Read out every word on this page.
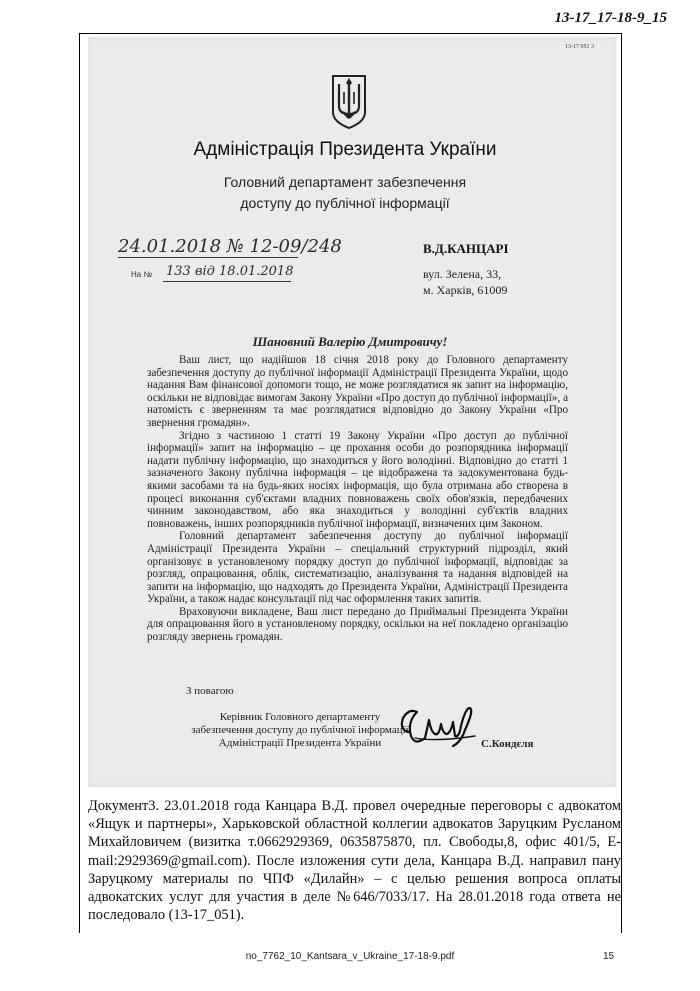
13-17_17-18-9_15
13-17 051 3
Адміністрація Президента України
Головний департамент забезпечення
доступу до публічної інформації
24.01.2018 № 12-09/248
На № 133 від 18.01.2018
В.Д.КАНЦАРІ
вул. Зелена, 33,
м. Харків, 61009
Шановний Валерію Дмитровичу!

Ваш лист, що надійшов 18 січня 2018 року до Головного департаменту забезпечення доступу до публічної інформації Адміністрації Президента України, щодо надання Вам фінансової допомоги тощо, не може розглядатися як запит на інформацію, оскільки не відповідає вимогам Закону України «Про доступ до публічної інформації», а натомість є зверненням та має розглядатися відповідно до Закону України «Про звернення громадян».

Згідно з частиною 1 статті 19 Закону України «Про доступ до публічної інформації» запит на інформацію – це прохання особи до розпорядника інформації надати публічну інформацію, що знаходиться у його володінні. Відповідно до статті 1 зазначеного Закону публічна інформація – це відображена та задокументована будь-якими засобами та на будь-яких носіях інформація, що була отримана або створена в процесі виконання суб'єктами владних повноважень своїх обов'язків, передбачених чинним законодавством, або яка знаходиться у володінні суб'єктів владних повноважень, інших розпорядників публічної інформації, визначених цим Законом.

Головний департамент забезпечення доступу до публічної інформації Адміністрації Президента України – спеціальний структурний підрозділ, який організовує в установленому порядку доступ до публічної інформації, відповідає за розгляд, опрацювання, облік, систематизацію, аналізування та надання відповідей на запити на інформацію, що надходять до Президента України, Адміністрації Президента України, а також надає консультації під час оформлення таких запитів.

Враховуючи викладене, Ваш лист передано до Приймальні Президента України для опрацювання його в установленому порядку, оскільки на неї покладено організацію розгляду звернень громадян.

З повагою
Керівник Головного департаменту
забезпечення доступу до публічної інформації
Адміністрації Президента України	С.Кондєля

Документ3. 23.01.2018 года Канцара В.Д. провел очередные переговоры с адвокатом «Ящук и партнеры», Харьковской областной коллегии адвокатов Заруцким Русланом Михайловичем (визитка т.0662929369, 0635875870, пл. Свободы,8, офис 401/5, E-mail:2929369@gmail.com). После изложения сути дела, Канцара В.Д. направил пану Заруцкому материалы по ЧПФ «Дилайн» – с целью решения вопроса оплаты адвокатских услуг для участия в деле №646/7033/17. На 28.01.2018 года ответа не последовало (13-17_051).

no_7762_10_Kantsara_v_Ukraine_17-18-9.pdf	15
